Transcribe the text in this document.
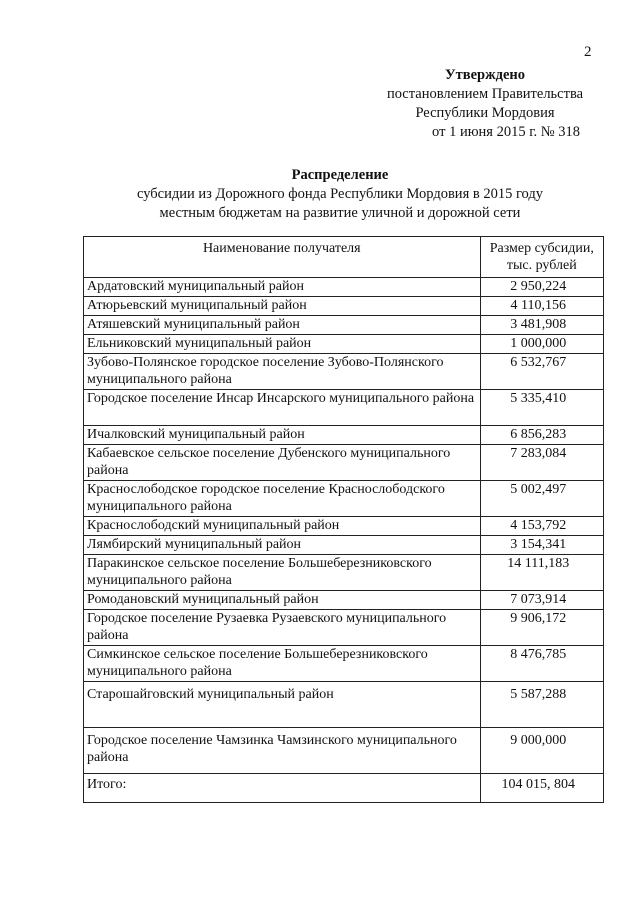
2
Утверждено
постановлением Правительства
Республики Мордовия
от 1 июня 2015 г. № 318
Распределение
субсидии из Дорожного фонда Республики Мордовия в 2015 году
местным бюджетам на развитие уличной и дорожной сети
Наименование получателя	Размер субсидии,
тыс. рублей
Ардатовский муниципальный район	2 950,224
Атюрьевский муниципальный район	4 110,156
Атяшевский муниципальный район	3 481,908
Ельниковский муниципальный район	1 000,000
Зубово-Полянское городское поселение Зубово-Полянского муниципального района	6 532,767
Городское поселение Инсар Инсарского муниципального района	5 335,410
Ичалковский муниципальный район	6 856,283
Кабаевское сельское поселение Дубенского муниципального района	7 283,084
Краснослободское городское поселение Краснослободского муниципального района	5 002,497
Краснослободский муниципальный район	4 153,792
Лямбирский муниципальный район	3 154,341
Паракинское сельское поселение Большеберезниковского муниципального района	14 111,183
Ромодановский муниципальный район	7 073,914
Городское поселение Рузаевка Рузаевского муниципального района	9 906,172
Симкинское сельское поселение Большеберезниковского муниципального района	8 476,785
Старошайговский муниципальный район	5 587,288
Городское поселение Чамзинка Чамзинского муниципального района	9 000,000
Итого:	104 015, 804
